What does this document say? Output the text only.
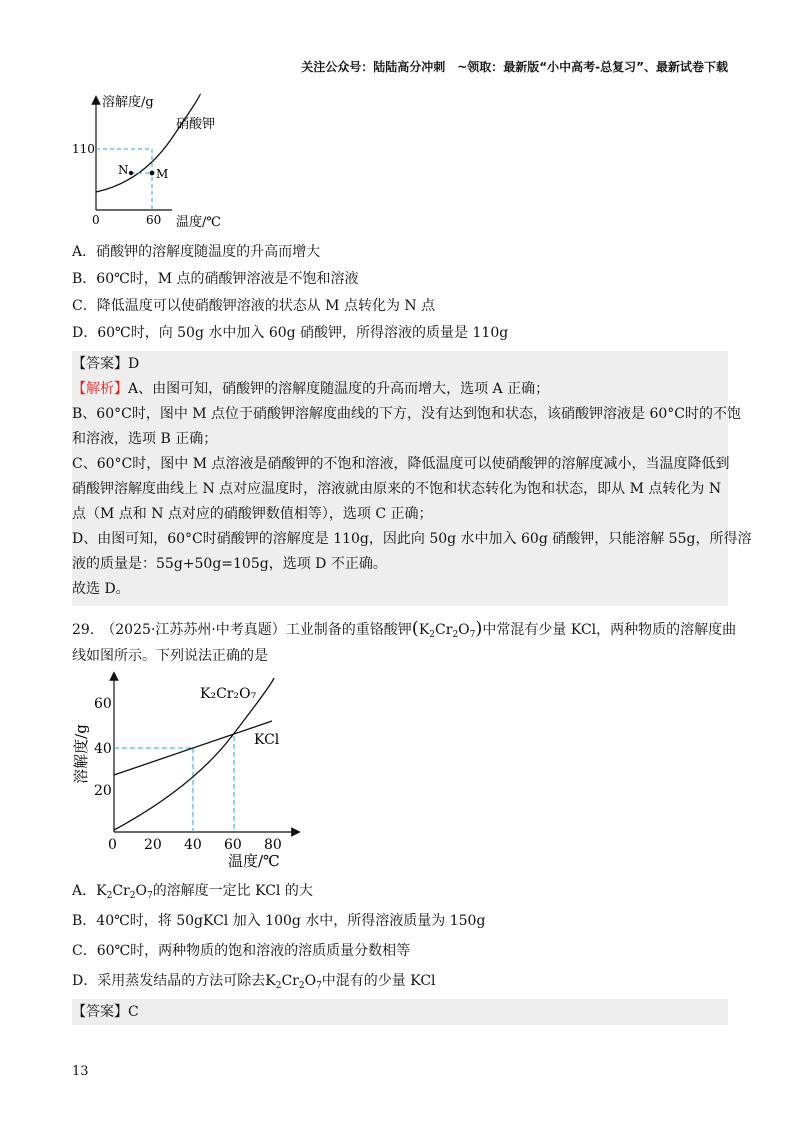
关注公众号：陆陆高分冲刺　~领取：最新版“小中高考-总复习”、最新试卷下载
溶解度/g
温度/℃
110
0	60
硝酸钾
N M
A．硝酸钾的溶解度随温度的升高而增大
B．60℃时，M 点的硝酸钾溶液是不饱和溶液
C．降低温度可以使硝酸钾溶液的状态从 M 点转化为 N 点
D．60℃时，向 50g 水中加入 60g 硝酸钾，所得溶液的质量是 110g
【答案】D
【解析】A、由图可知，硝酸钾的溶解度随温度的升高而增大，选项 A 正确；
B、60°C时，图中 M 点位于硝酸钾溶解度曲线的下方，没有达到饱和状态，该硝酸钾溶液是 60°C时的不饱
和溶液，选项 B 正确；
C、60°C时，图中 M 点溶液是硝酸钾的不饱和溶液，降低温度可以使硝酸钾的溶解度减小，当温度降低到
硝酸钾溶解度曲线上 N 点对应温度时，溶液就由原来的不饱和状态转化为饱和状态，即从 M 点转化为 N
点（M 点和 N 点对应的硝酸钾数值相等），选项 C 正确；
D、由图可知，60°C时硝酸钾的溶解度是 110g，因此向 50g 水中加入 60g 硝酸钾，只能溶解 55g，所得溶
液的质量是：55g+50g=105g，选项 D 不正确。
故选 D。
29.　（2025·江苏苏州·中考真题）工业制备的重铬酸钾$(K_2Cr_2O_7)$中常混有少量 KCl，两种物质的溶解度曲
线如图所示。下列说法正确的是
溶解度/g
温度/℃
20
40
60
0 20 40 60 80
K₂Cr₂O₇
KCl
A．$K_2Cr_2O_7$的溶解度一定比 KCl 的大
B．40℃时，将 50gKCl 加入 100g 水中，所得溶液质量为 150g
C．60℃时，两种物质的饱和溶液的溶质质量分数相等
D．采用蒸发结晶的方法可除去$K_2Cr_2O_7$中混有的少量 KCl
【答案】C
13
